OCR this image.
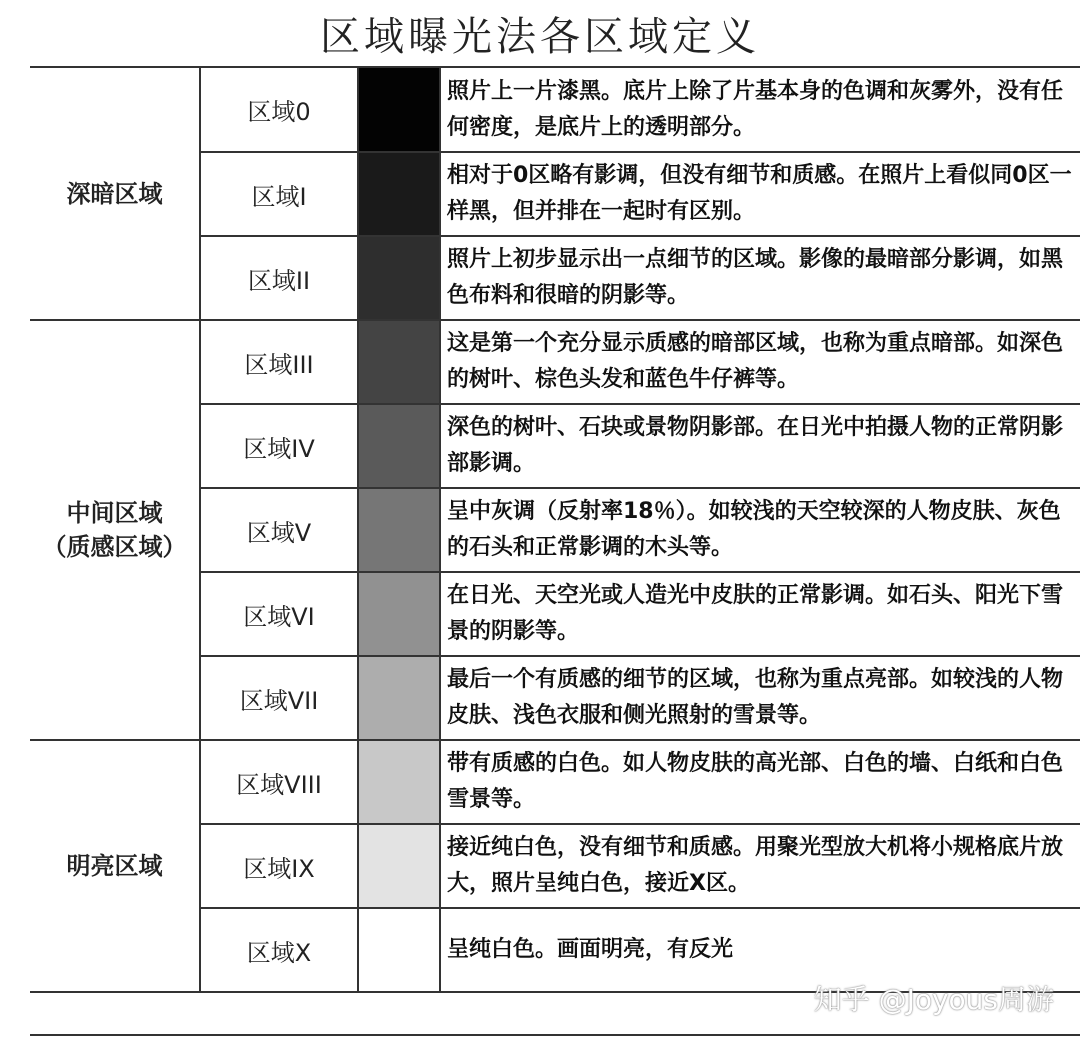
区域曝光法各区域定义
深暗区域	区域0		照片上一片漆黑。底片上除了片基本身的色调和灰雾外，没有任何密度，是底片上的透明部分。
	区域I		相对于0区略有影调，但没有细节和质感。在照片上看似同0区一样黑，但并排在一起时有区别。
	区域II		照片上初步显示出一点细节的区域。影像的最暗部分影调，如黑色布料和很暗的阴影等。

中间区域
（质感区域）	区域III		这是第一个充分显示质感的暗部区域，也称为重点暗部。如深色的树叶、棕色头发和蓝色牛仔裤等。
	区域IV		深色的树叶、石块或景物阴影部。在日光中拍摄人物的正常阴影部影调。
	区域V		呈中灰调（反射率18％）。如较浅的天空较深的人物皮肤、灰色的石头和正常影调的木头等。
	区域VI		在日光、天空光或人造光中皮肤的正常影调。如石头、阳光下雪景的阴影等。
	区域VII		最后一个有质感的细节的区域，也称为重点亮部。如较浅的人物皮肤、浅色衣服和侧光照射的雪景等。
明亮区域	区域VIII		带有质感的白色。如人物皮肤的高光部、白色的墙、白纸和白色雪景等。
	区域IX		接近纯白色，没有细节和质感。用聚光型放大机将小规格底片放大，照片呈纯白色，接近X区。
	区域X		呈纯白色。画面明亮，有反光
知乎 @Joyous周游
